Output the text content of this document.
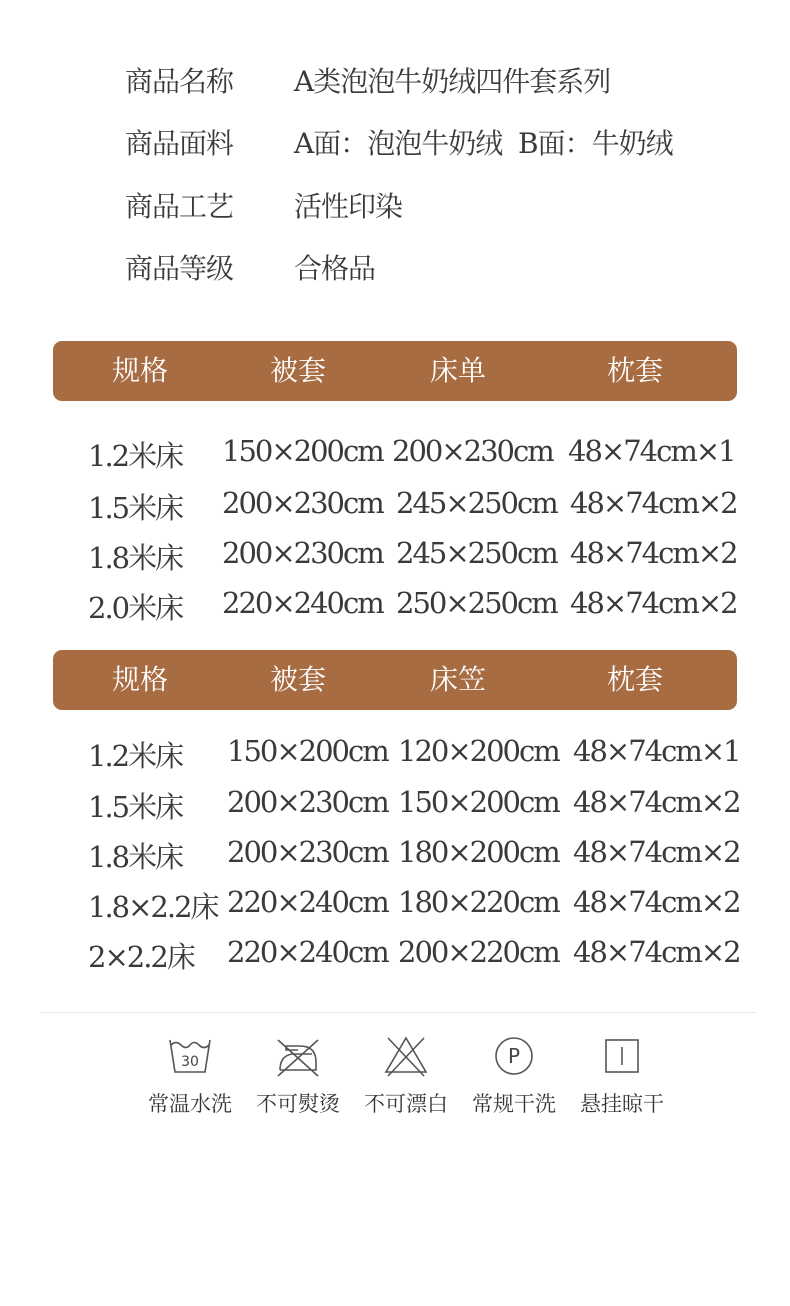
商品名称 A类泡泡牛奶绒四件套系列
商品面料 A面：泡泡牛奶绒  B面：牛奶绒
商品工艺 活性印染
商品等级 合格品
规格	被套	床单	枕套
1.2米床 150×200cm 200×230cm 48×74cm×1
1.5米床 200×230cm 245×250cm 48×74cm×2
1.8米床 200×230cm 245×250cm 48×74cm×2
2.0米床 220×240cm 250×250cm 48×74cm×2
规格	被套	床笠	枕套
1.2米床 150×200cm 120×200cm 48×74cm×1
1.5米床 200×230cm 150×200cm 48×74cm×2
1.8米床 200×230cm 180×200cm 48×74cm×2
1.8×2.2床 220×240cm 180×220cm 48×74cm×2
2×2.2床 220×240cm 200×220cm 48×74cm×2
30
常温水洗	不可熨烫	不可漂白
P
常规干洗	悬挂晾干
